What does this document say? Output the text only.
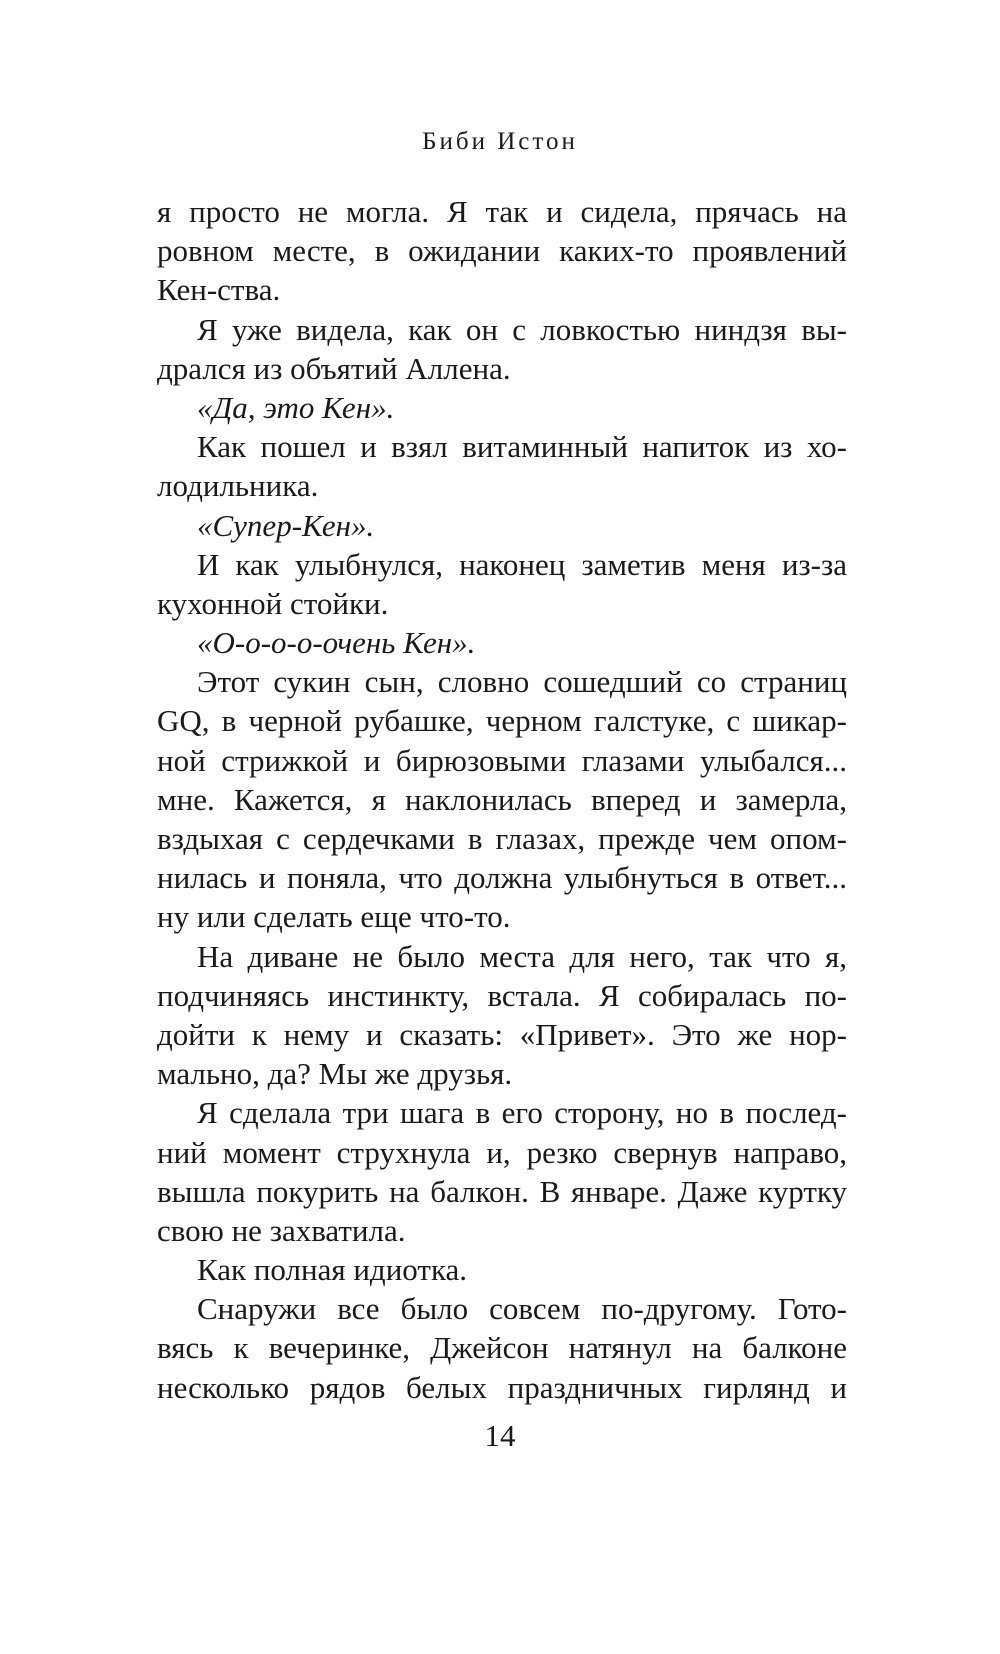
Биби Истон
я просто не могла. Я так и сидела, прячась на
ровном месте, в ожидании каких-то проявлений
Кен-ства.
Я уже видела, как он с ловкостью ниндзя вы-
дрался из объятий Аллена.
«Да, это Кен».
Как пошел и взял витаминный напиток из хо-
лодильника.
«Супер-Кен».
И как улыбнулся, наконец заметив меня из-за
кухонной стойки.
«О-о-о-о-очень Кен».
Этот сукин сын, словно сошедший со страниц
GQ, в черной рубашке, черном галстуке, с шикар-
ной стрижкой и бирюзовыми глазами улыбался...
мне. Кажется, я наклонилась вперед и замерла,
вздыхая с сердечками в глазах, прежде чем опом-
нилась и поняла, что должна улыбнуться в ответ...
ну или сделать еще что-то.
На диване не было места для него, так что я,
подчиняясь инстинкту, встала. Я собиралась по-
дойти к нему и сказать: «Привет». Это же нор-
мально, да? Мы же друзья.
Я сделала три шага в его сторону, но в послед-
ний момент струхнула и, резко свернув направо,
вышла покурить на балкон. В январе. Даже куртку
свою не захватила.
Как полная идиотка.
Снаружи все было совсем по-другому. Гото-
вясь к вечеринке, Джейсон натянул на балконе
несколько рядов белых праздничных гирлянд и
14
